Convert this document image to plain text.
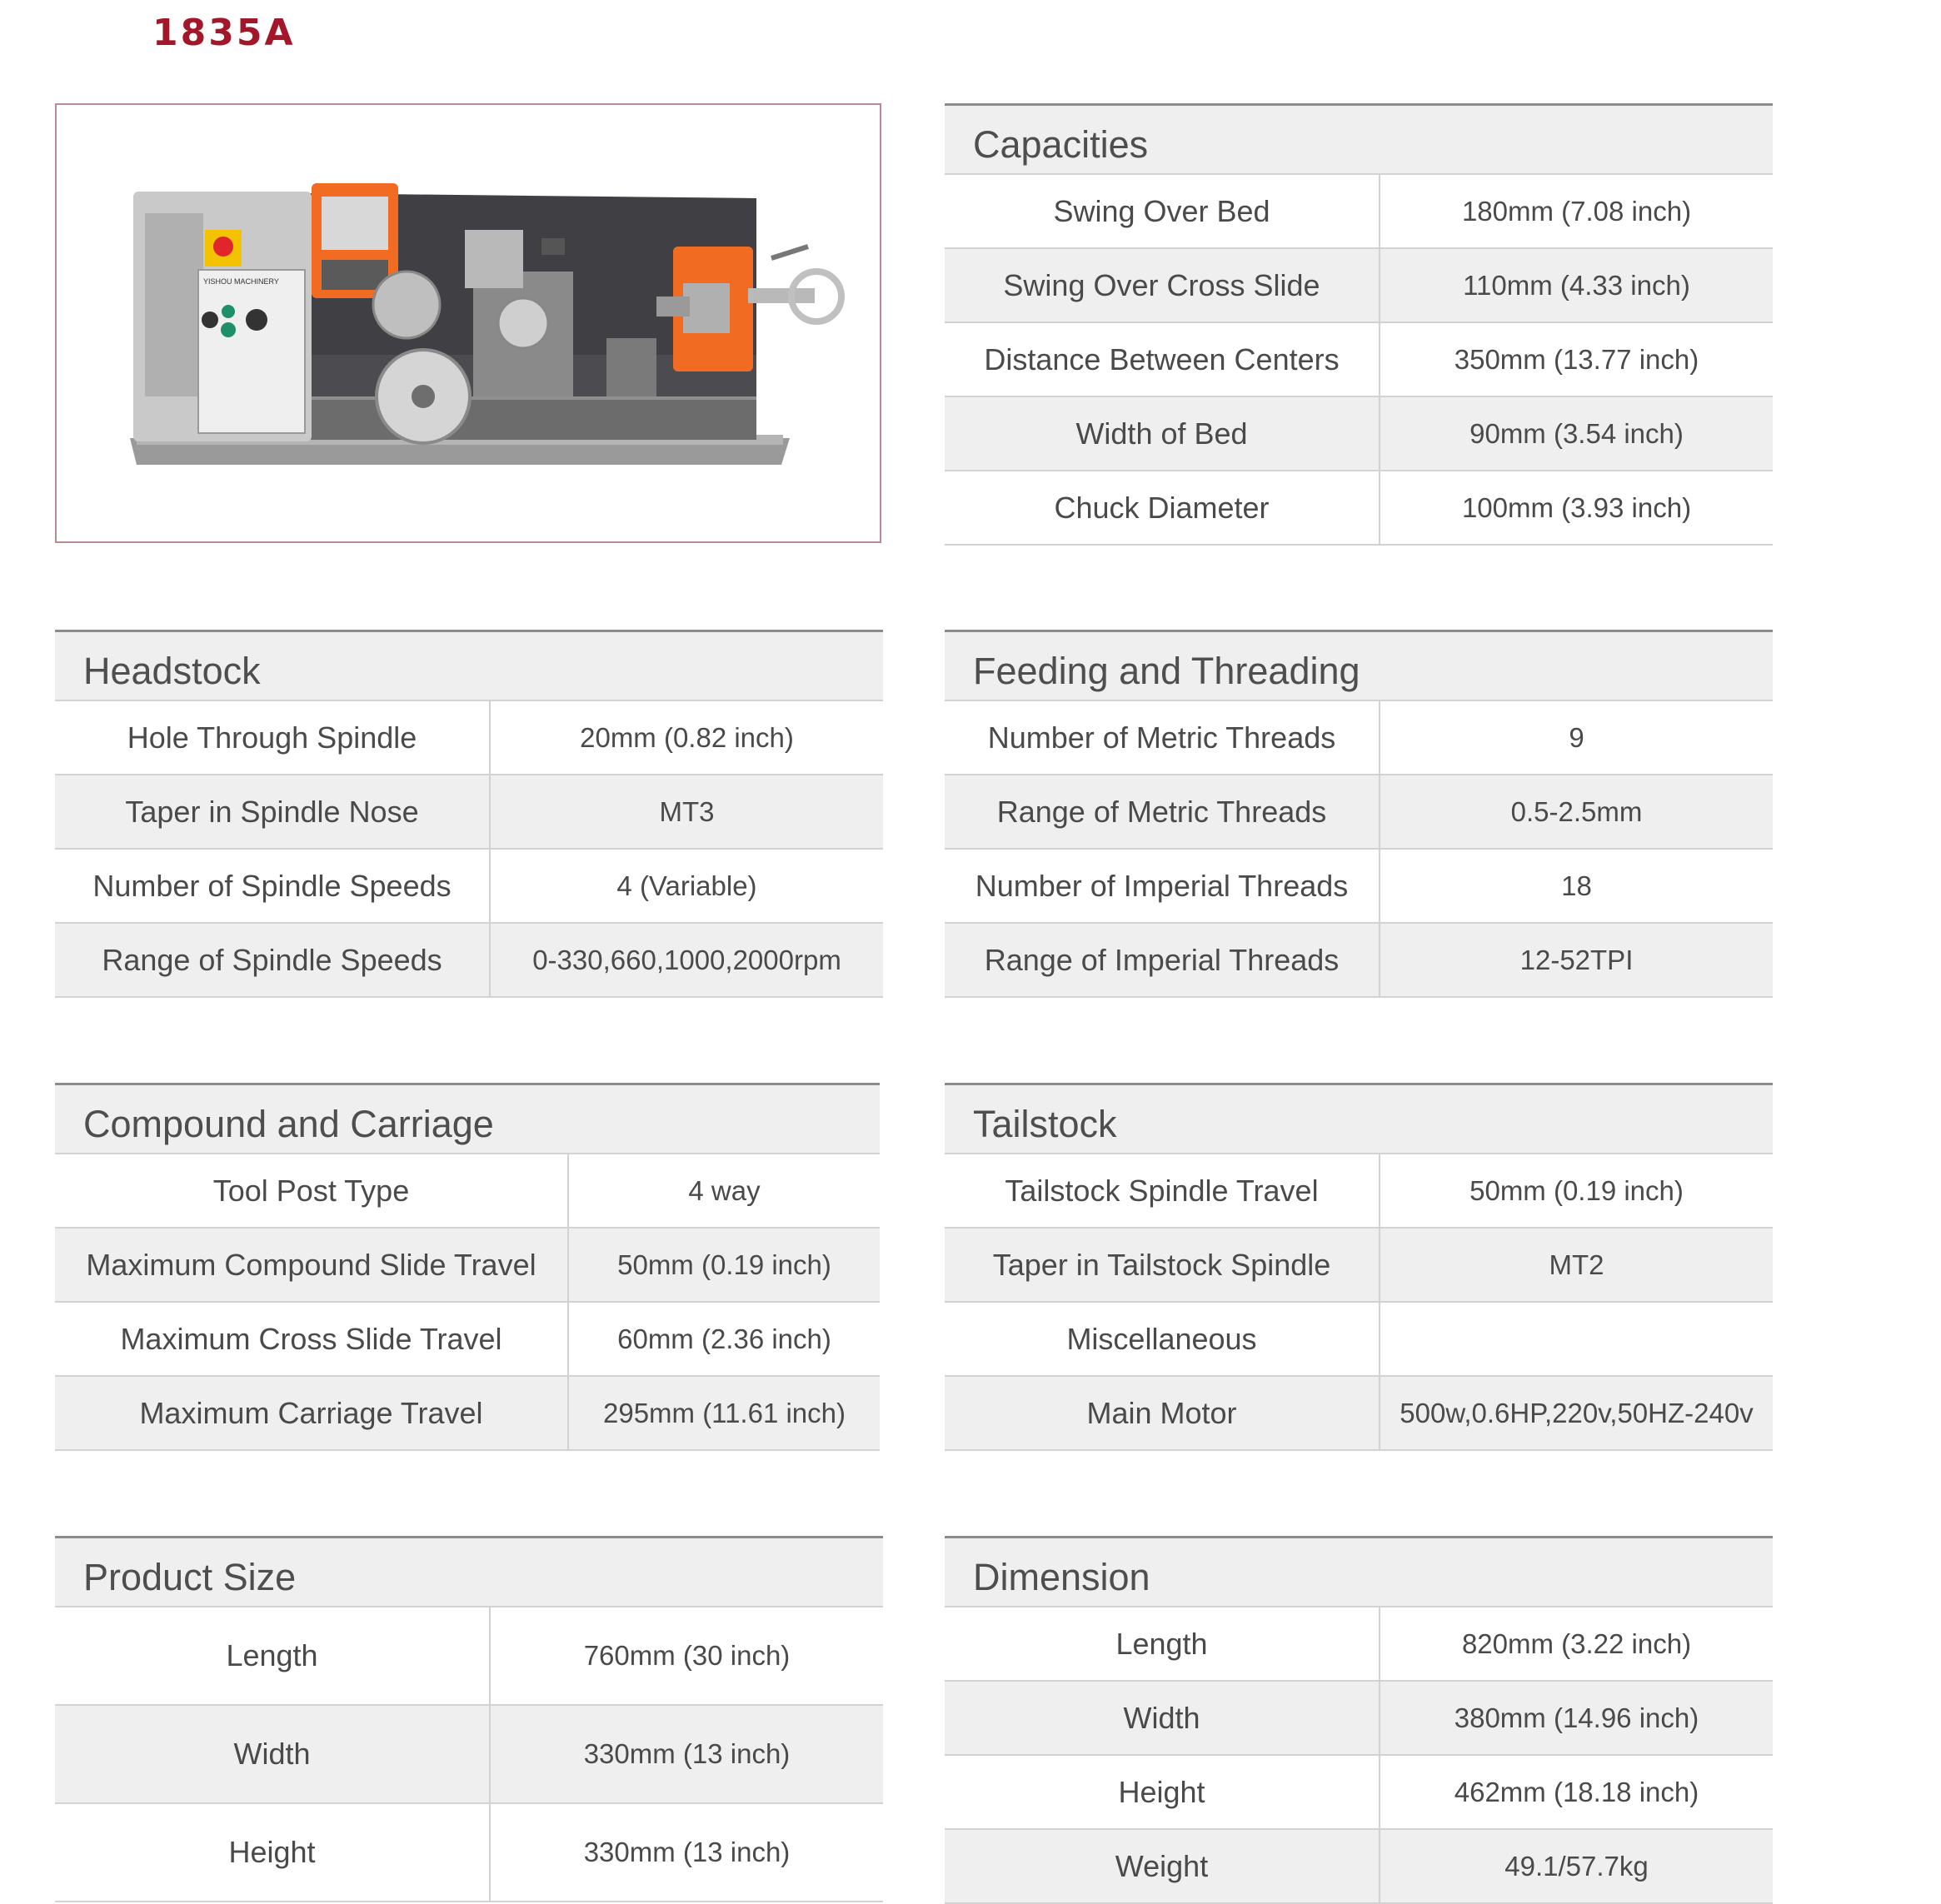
1835A
YISHOU MACHINERY
Capacities
Swing Over Bed	180mm (7.08 inch)
Swing Over Cross Slide	110mm (4.33 inch)
Distance Between Centers	350mm (13.77 inch)
Width of Bed	90mm (3.54 inch)
Chuck Diameter	100mm (3.93 inch)
Headstock
Hole Through Spindle	20mm (0.82 inch)
Taper in Spindle Nose	MT3
Number of Spindle Speeds	4 (Variable)
Range of Spindle Speeds	0-330,660,1000,2000rpm
Feeding and Threading
Number of Metric Threads	9
Range of Metric Threads	0.5-2.5mm
Number of Imperial Threads	18
Range of Imperial Threads	12-52TPI
Compound and Carriage
Tool Post Type	4 way
Maximum Compound Slide Travel	50mm (0.19 inch)
Maximum Cross Slide Travel	60mm (2.36 inch)
Maximum Carriage Travel	295mm (11.61 inch)
Tailstock
Tailstock Spindle Travel	50mm (0.19 inch)
Taper in Tailstock Spindle	MT2
Miscellaneous	
Main Motor	500w,0.6HP,220v,50HZ-240v
Product Size
Length	760mm (30 inch)
Width	330mm (13 inch)
Height	330mm (13 inch)
Dimension
Length	820mm (3.22 inch)
Width	380mm (14.96 inch)
Height	462mm (18.18 inch)
Weight	49.1/57.7kg
